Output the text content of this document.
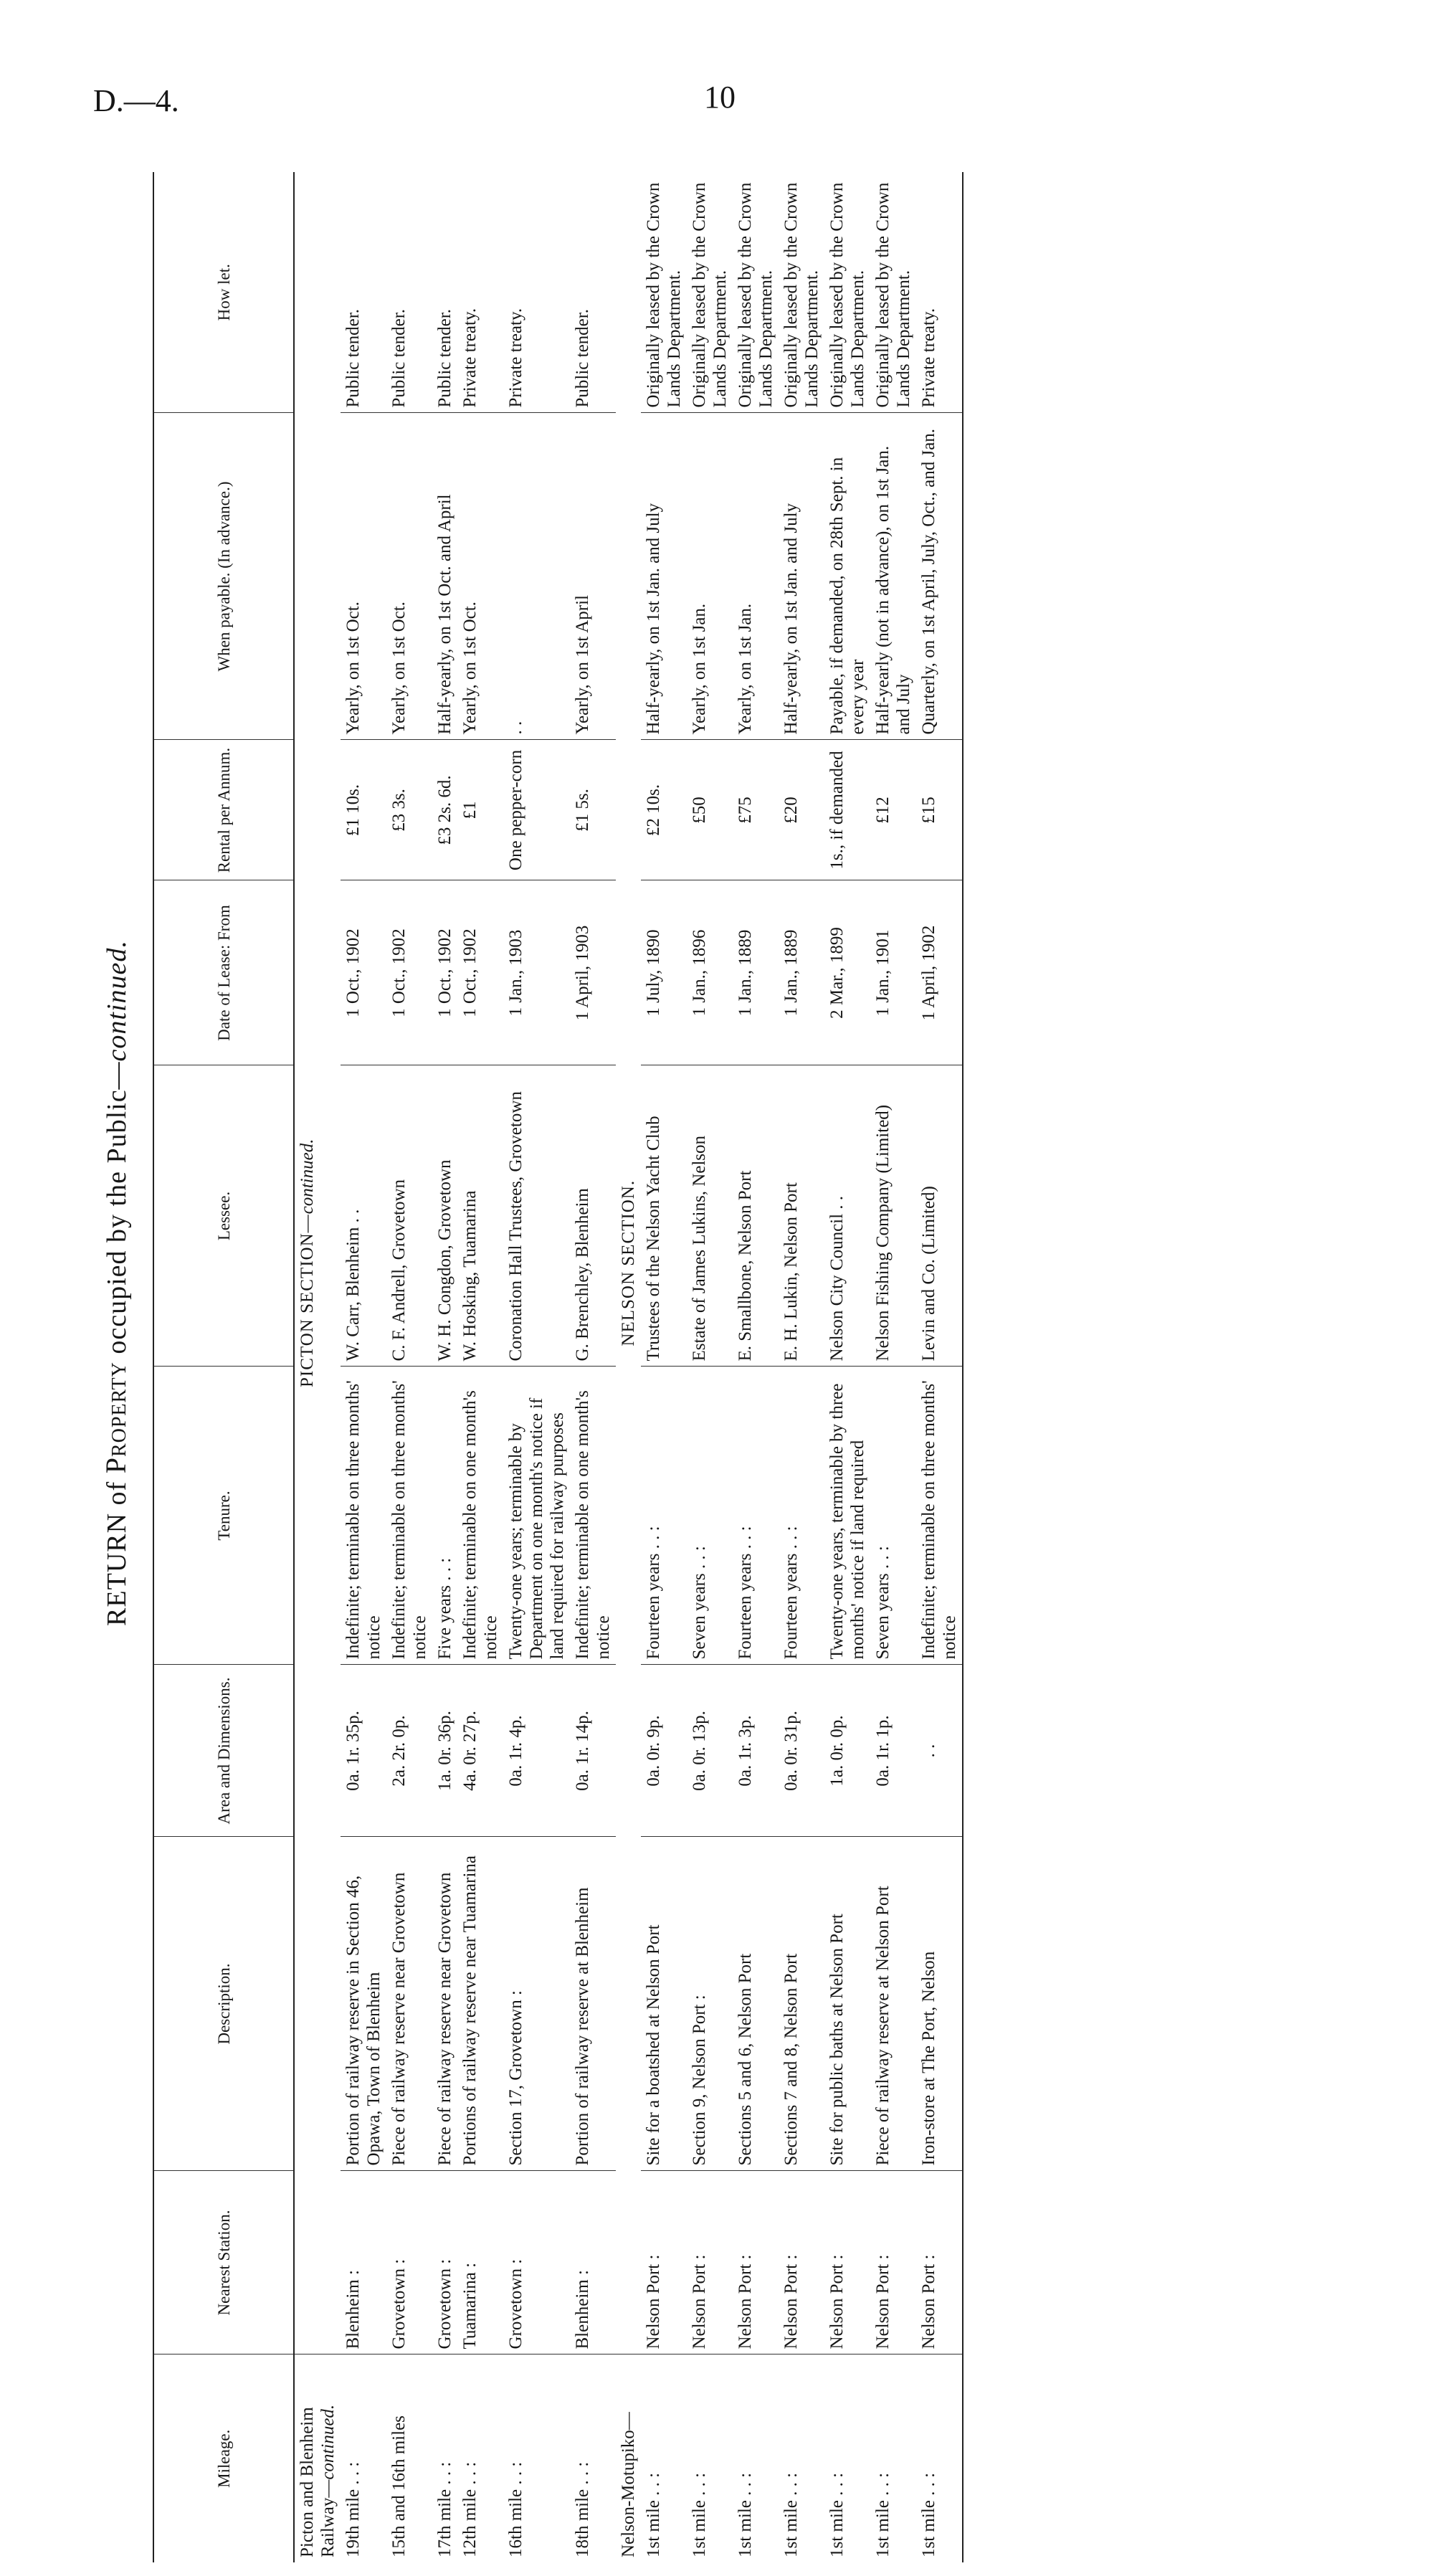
D.—4.	10
RETURN of Property occupied by the Public—continued.
Mileage.	Nearest Station.	Description.	Area and Dimensions.	Tenure.	Lessee.	Date of Lease: From	Rental per Annum.	When payable. (In advance.)	How let.
Picton and Blenheim Railway—continued.	PICTON SECTION—continued.								
19th mile . . :	Blenheim :	Portion of railway reserve in Section 46, Opawa, Town of Blenheim	0a. 1r. 35p.	Indefinite; terminable on three months' notice	W. Carr, Blenheim . .	1 Oct., 1902	£1 10s.	Yearly, on 1st Oct.	Public tender.
15th and 16th miles	Grovetown :	Piece of railway reserve near Grovetown	2a. 2r. 0p.	Indefinite; terminable on three months' notice	C. F. Andrell, Grovetown	1 Oct., 1902	£3 3s.	Yearly, on 1st Oct.	Public tender.
17th mile . . :	Grovetown :	Piece of railway reserve near Grovetown	1a. 0r. 36p.	Five years . . :	W. H. Congdon, Grovetown	1 Oct., 1902	£3 2s. 6d.	Half-yearly, on 1st Oct. and April	Public tender.
12th mile . . :	Tuamarina :	Portions of railway reserve near Tuamarina	4a. 0r. 27p.	Indefinite; terminable on one month's notice	W. Hosking, Tuamarina	1 Oct., 1902	£1	Yearly, on 1st Oct.	Private treaty.
16th mile . . :	Grovetown :	Section 17, Grovetown :	0a. 1r. 4p.	Twenty-one years; terminable by Department on one month's notice if land required for railway purposes	Coronation Hall Trustees, Grovetown	1 Jan., 1903	One pepper-corn	. .	Private treaty.
18th mile . . :	Blenheim :	Portion of railway reserve at Blenheim	0a. 1r. 14p.	Indefinite; terminable on one month's notice	G. Brenchley, Blenheim	1 April, 1903	£1 5s.	Yearly, on 1st April	Public tender.
Nelson-Motupiko—	NELSON SECTION.								
1st mile . . :	Nelson Port :	Site for a boatshed at Nelson Port	0a. 0r. 9p.	Fourteen years . . :	Trustees of the Nelson Yacht Club	1 July, 1890	£2 10s.	Half-yearly, on 1st Jan. and July	Originally leased by the Crown Lands Department.
1st mile . . :	Nelson Port :	Section 9, Nelson Port :	0a. 0r. 13p.	Seven years . . :	Estate of James Lukins, Nelson	1 Jan., 1896	£50	Yearly, on 1st Jan.	Originally leased by the Crown Lands Department.
1st mile . . :	Nelson Port :	Sections 5 and 6, Nelson Port	0a. 1r. 3p.	Fourteen years . . :	E. Smallbone, Nelson Port	1 Jan., 1889	£75	Yearly, on 1st Jan.	Originally leased by the Crown Lands Department.
1st mile . . :	Nelson Port :	Sections 7 and 8, Nelson Port	0a. 0r. 31p.	Fourteen years . . :	E. H. Lukin, Nelson Port	1 Jan., 1889	£20	Half-yearly, on 1st Jan. and July	Originally leased by the Crown Lands Department.
1st mile . . :	Nelson Port :	Site for public baths at Nelson Port	1a. 0r. 0p.	Twenty-one years, terminable by three months' notice if land required	Nelson City Council . .	2 Mar., 1899	1s., if demanded	Payable, if demanded, on 28th Sept. in every year	Originally leased by the Crown Lands Department.
1st mile . . :	Nelson Port :	Piece of railway reserve at Nelson Port	0a. 1r. 1p.	Seven years . . :	Nelson Fishing Company (Limited)	1 Jan., 1901	£12	Half-yearly (not in advance), on 1st Jan. and July	Originally leased by the Crown Lands Department.
1st mile . . :	Nelson Port :	Iron-store at The Port, Nelson	. .	Indefinite; terminable on three months' notice	Levin and Co. (Limited)	1 April, 1902	£15	Quarterly, on 1st April, July, Oct., and Jan.	Private treaty.
